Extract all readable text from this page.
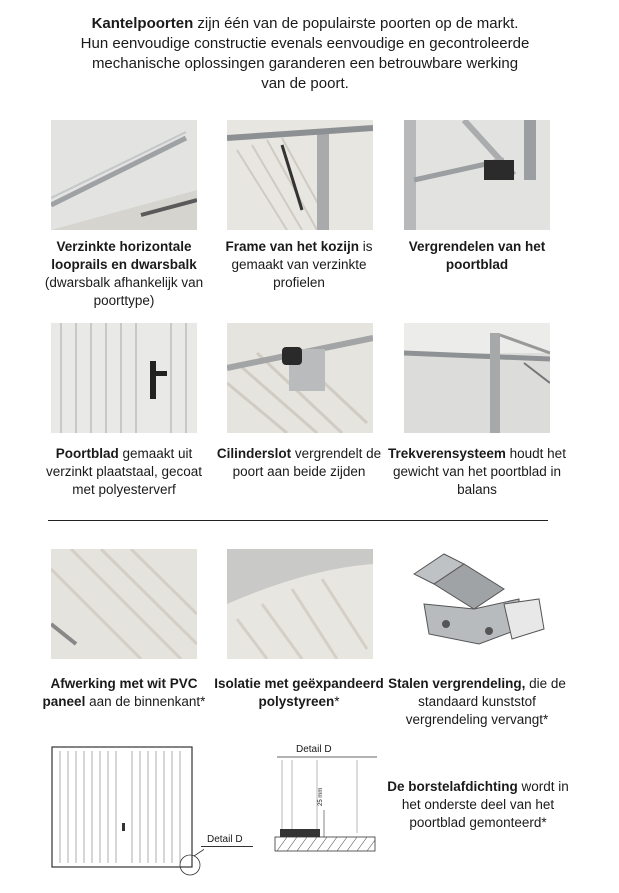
Kantelpoorten zijn één van de populairste poorten op de markt. Hun eenvoudige constructie evenals eenvoudige en gecontroleerde mechanische oplossingen garanderen een betrouwbare werking van de poort.
Verzinkte horizontale looprails en dwarsbalk (dwarsbalk afhankelijk van poorttype)
Frame van het kozijn is gemaakt van verzinkte profielen
Vergrendelen van het poortblad
Poortblad gemaakt uit verzinkt plaatstaal, gecoat met polyesterverf
Cilinderslot vergrendelt de poort aan beide zijden
Trekverensysteem houdt het gewicht van het poortblad in balans
Afwerking met wit PVC paneel aan de binnenkant*
Isolatie met geëxpandeerd polystyreen*
Stalen vergrendeling, die de standaard kunststof vergrendeling vervangt*
Detail D
Detail D
25 mm
De borstelafdichting wordt in het onderste deel van het poortblad gemonteerd*
